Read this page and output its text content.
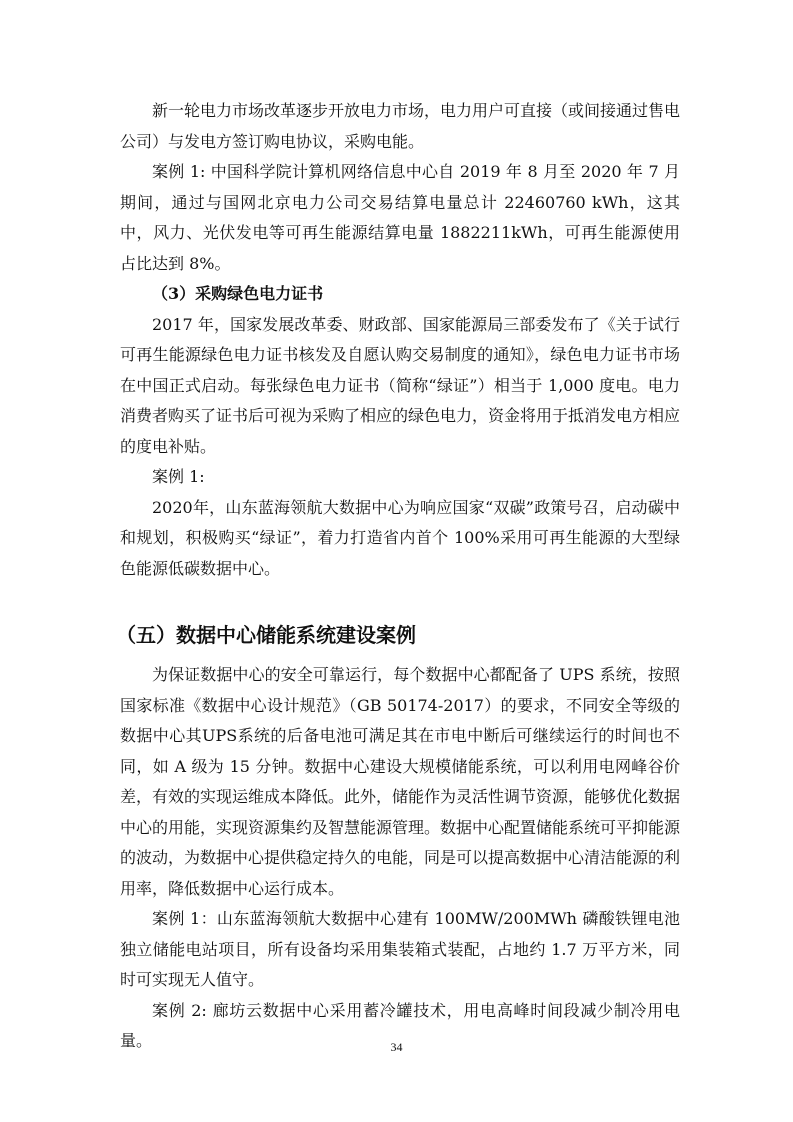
新一轮电力市场改革逐步开放电力市场，电力用户可直接（或间接通过售电公司）与发电方签订购电协议，采购电能。

案例 1: 中国科学院计算机网络信息中心自 2019 年 8 月至 2020 年 7 月期间，通过与国网北京电力公司交易结算电量总计 22460760 kWh，这其中，风力、光伏发电等可再生能源结算电量 1882211kWh，可再生能源使用占比达到 8%。

（3）采购绿色电力证书

2017 年，国家发展改革委、财政部、国家能源局三部委发布了《关于试行可再生能源绿色电力证书核发及自愿认购交易制度的通知》，绿色电力证书市场在中国正式启动。每张绿色电力证书（简称“绿证”）相当于 1,000 度电。电力消费者购买了证书后可视为采购了相应的绿色电力，资金将用于抵消发电方相应的度电补贴。

案例 1:

2020年，山东蓝海领航大数据中心为响应国家“双碳”政策号召，启动碳中和规划，积极购买“绿证”，着力打造省内首个 100%采用可再生能源的大型绿色能源低碳数据中心。

（五）数据中心储能系统建设案例

为保证数据中心的安全可靠运行，每个数据中心都配备了 UPS 系统，按照国家标准《数据中心设计规范》（GB 50174-2017）的要求，不同安全等级的数据中心其UPS系统的后备电池可满足其在市电中断后可继续运行的时间也不同，如 A 级为 15 分钟。数据中心建设大规模储能系统，可以利用电网峰谷价差，有效的实现运维成本降低。此外，储能作为灵活性调节资源，能够优化数据中心的用能，实现资源集约及智慧能源管理。数据中心配置储能系统可平抑能源的波动，为数据中心提供稳定持久的电能，同是可以提高数据中心清洁能源的利用率，降低数据中心运行成本。

案例 1：山东蓝海领航大数据中心建有 100MW/200MWh 磷酸铁锂电池独立储能电站项目，所有设备均采用集装箱式装配，占地约 1.7 万平方米，同时可实现无人值守。

案例 2: 廊坊云数据中心采用蓄冷罐技术，用电高峰时间段减少制冷用电量。	34
